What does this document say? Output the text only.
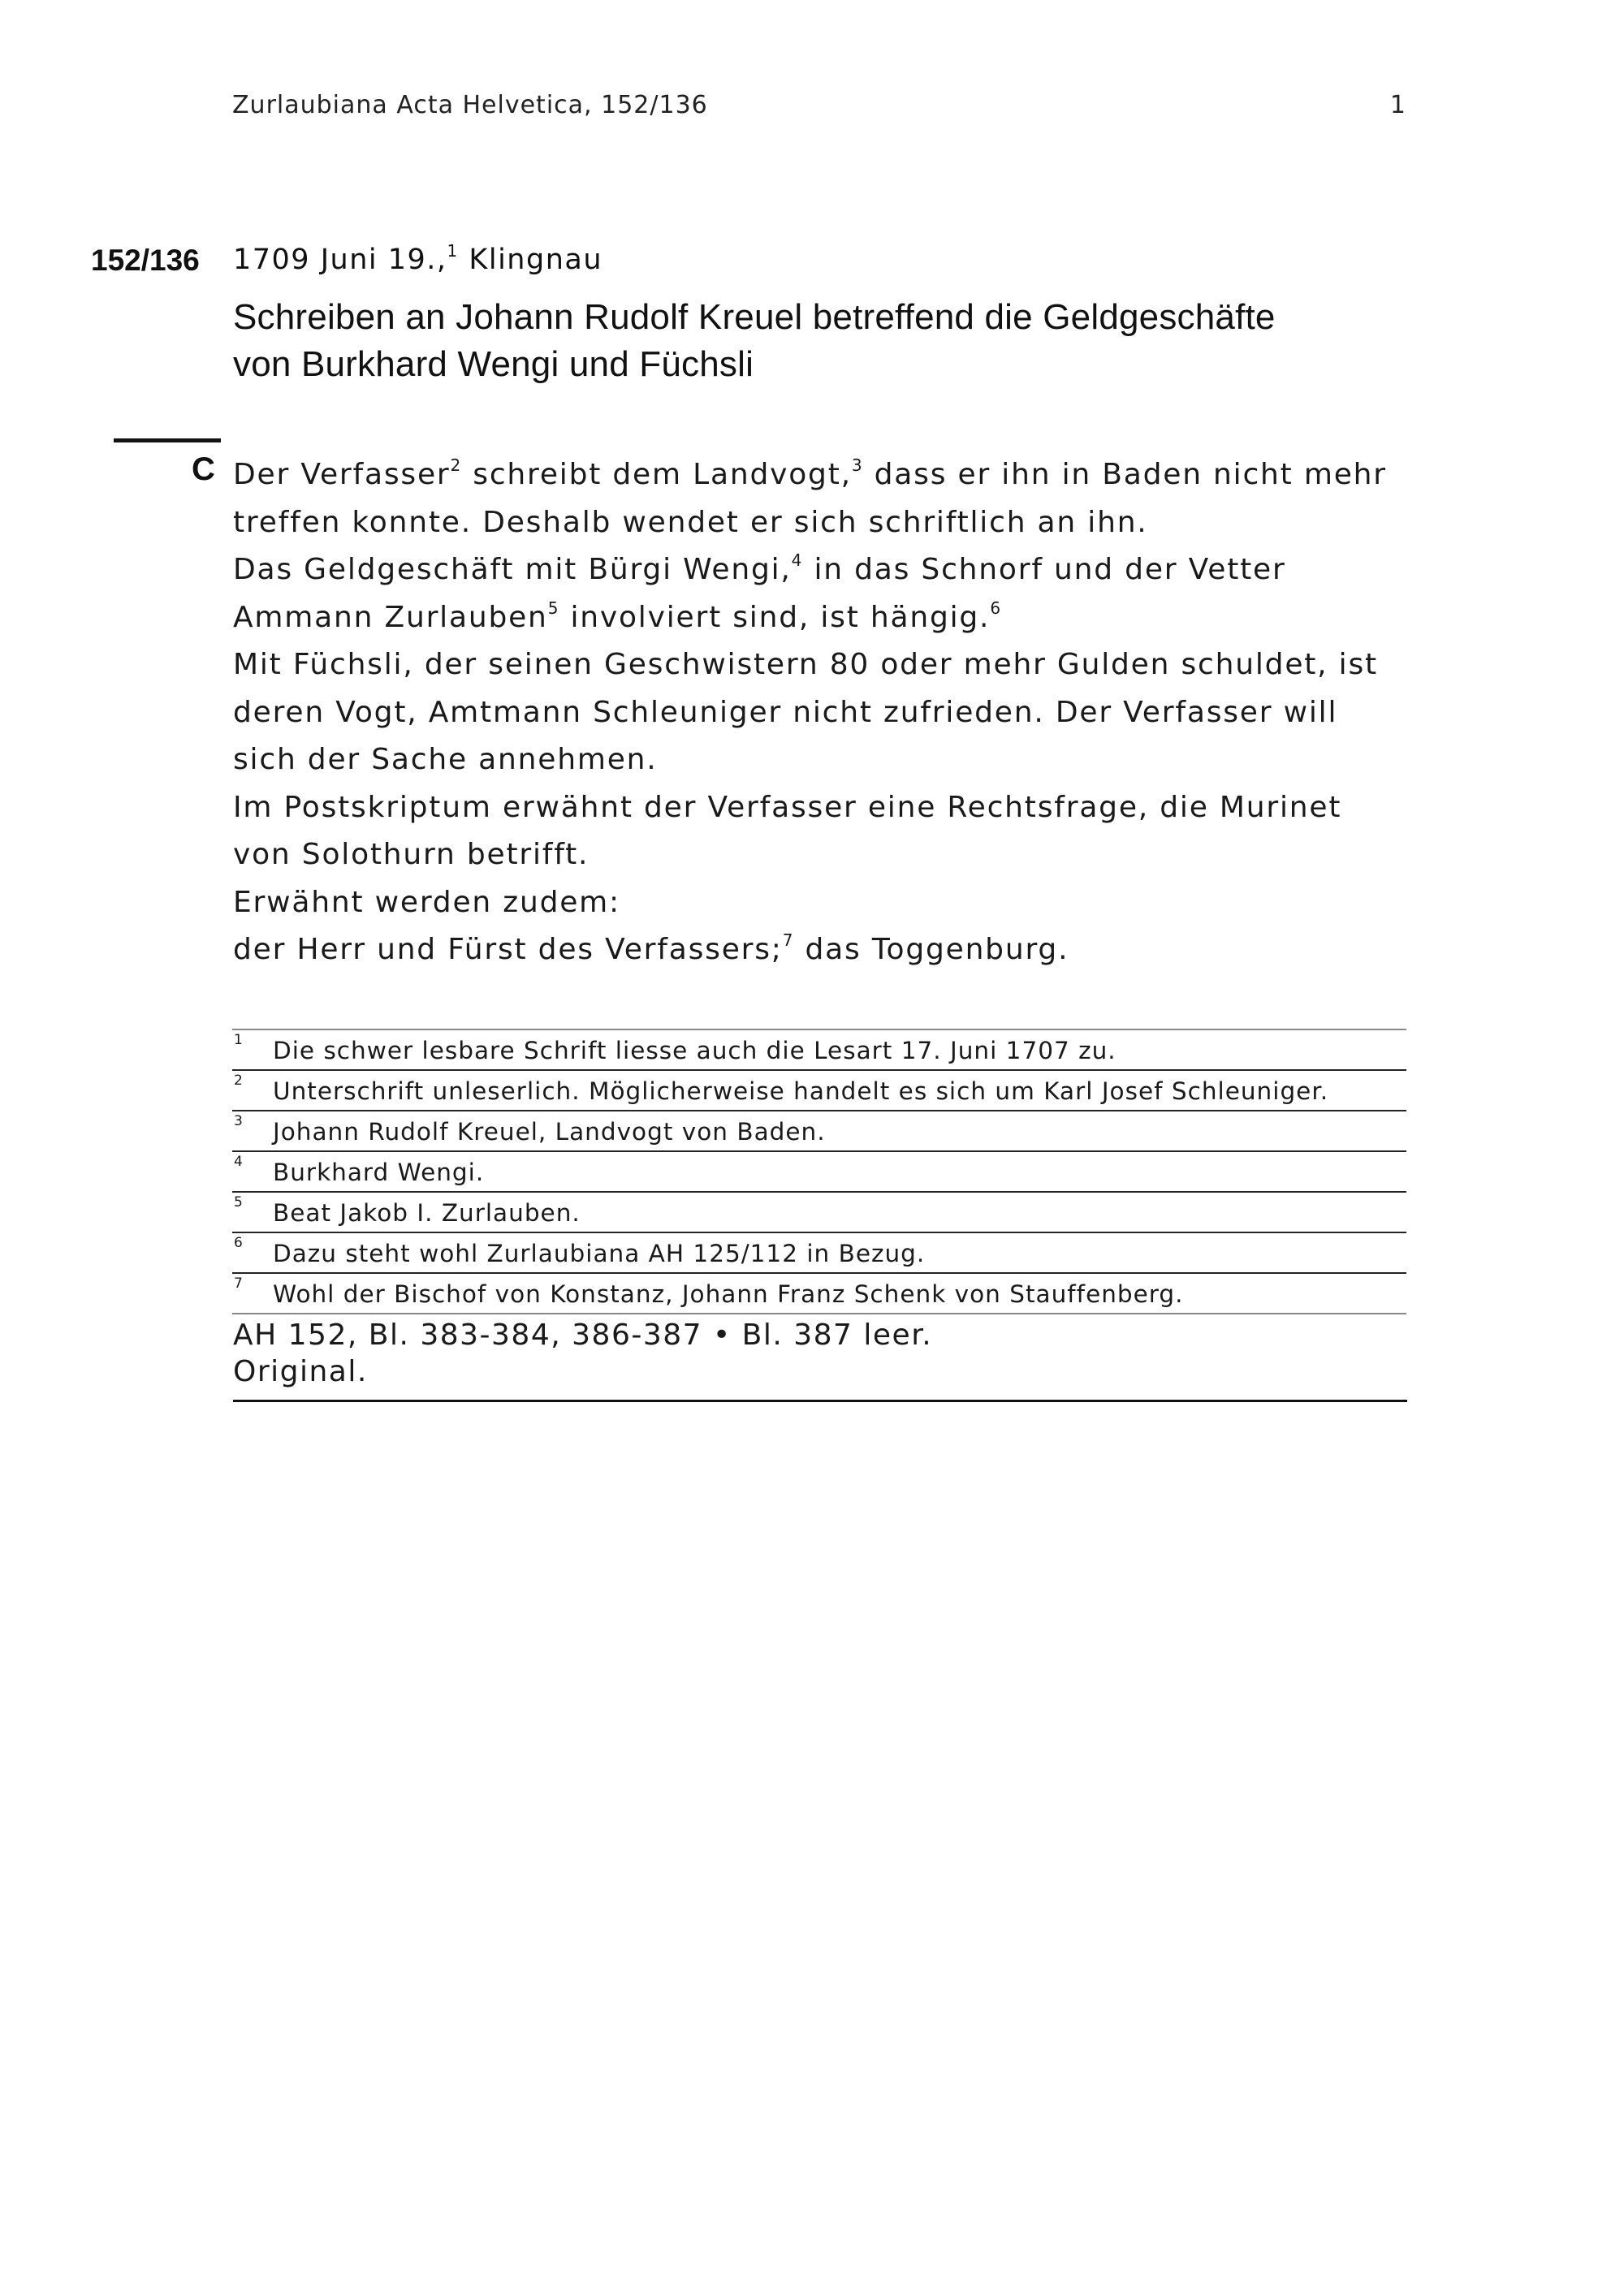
Zurlaubiana Acta Helvetica, 152/136	1
152/136 1709 Juni 19.,$^1$ Klingnau
Schreiben an Johann Rudolf Kreuel betreffend die Geldgeschäfte
von Burkhard Wengi und Füchsli
C Der Verfasser$^2$ schreibt dem Landvogt,$^3$ dass er ihn in Baden nicht mehr treffen konnte. Deshalb wendet er sich schriftlich an ihn.

Das Geldgeschäft mit Bürgi Wengi,$^4$ in das Schnorf und der Vetter Ammann Zurlauben$^5$ involviert sind, ist hängig.$^6$

Mit Füchsli, der seinen Geschwistern 80 oder mehr Gulden schuldet, ist deren Vogt, Amtmann Schleuniger nicht zufrieden. Der Verfasser will sich der Sache annehmen.

Im Postskriptum erwähnt der Verfasser eine Rechtsfrage, die Murinet von Solothurn betrifft.

Erwähnt werden zudem:

der Herr und Fürst des Verfassers;$^7$ das Toggenburg.

1 Die schwer lesbare Schrift liesse auch die Lesart 17. Juni 1707 zu.
2 Unterschrift unleserlich. Möglicherweise handelt es sich um Karl Josef Schleuniger.
3 Johann Rudolf Kreuel, Landvogt von Baden.
4 Burkhard Wengi.
5 Beat Jakob I. Zurlauben.
6 Dazu steht wohl Zurlaubiana AH 125/112 in Bezug.
7 Wohl der Bischof von Konstanz, Johann Franz Schenk von Stauffenberg.
AH 152, Bl. 383-384, 386-387 • Bl. 387 leer.
Original.
